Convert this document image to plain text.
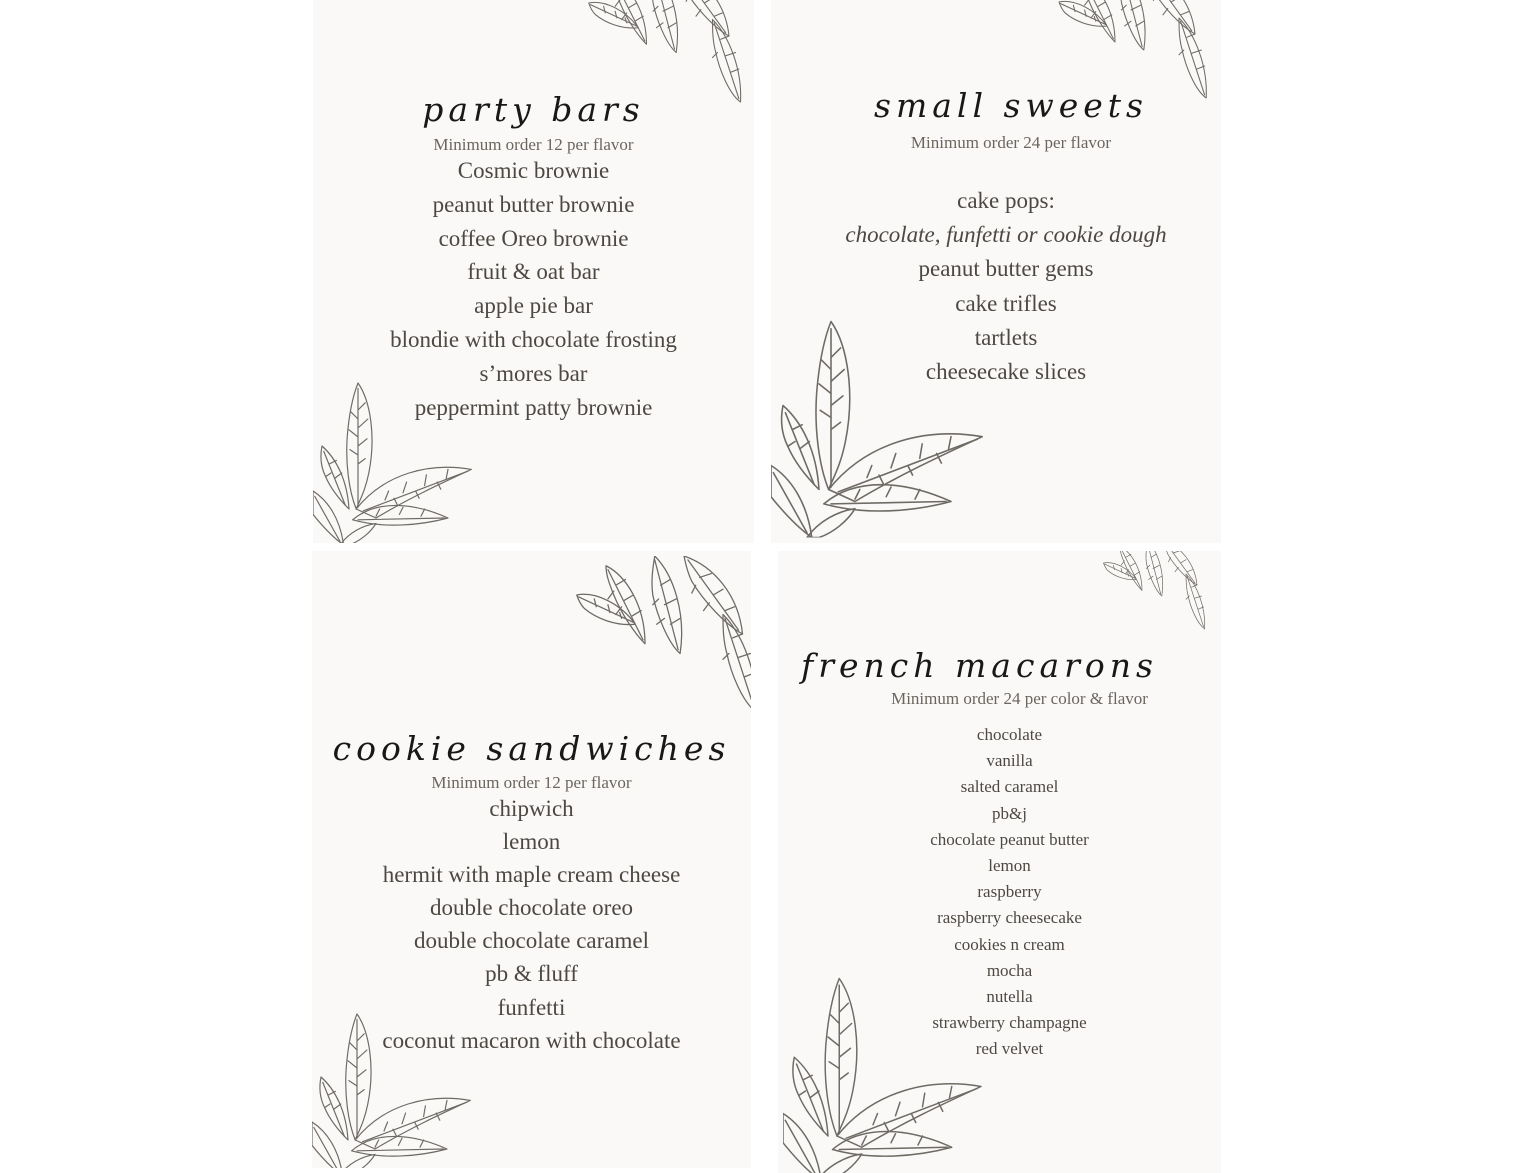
party bars
Minimum order 12 per flavor
Cosmic brownie
peanut butter brownie
coffee Oreo brownie
fruit & oat bar
apple pie bar
blondie with chocolate frosting
s’mores bar
peppermint patty brownie
small sweets
Minimum order 24 per flavor
cake pops:
chocolate, funfetti or cookie dough
peanut butter gems
cake trifles
tartlets
cheesecake slices
cookie sandwiches
Minimum order 12 per flavor
chipwich
lemon
hermit with maple cream cheese
double chocolate oreo
double chocolate caramel
pb & fluff
funfetti
coconut macaron with chocolate
french macarons
Minimum order 24 per color & flavor
chocolate
vanilla
salted caramel
pb&j
chocolate peanut butter
lemon
raspberry
raspberry cheesecake
cookies n cream
mocha
nutella
strawberry champagne
red velvet
